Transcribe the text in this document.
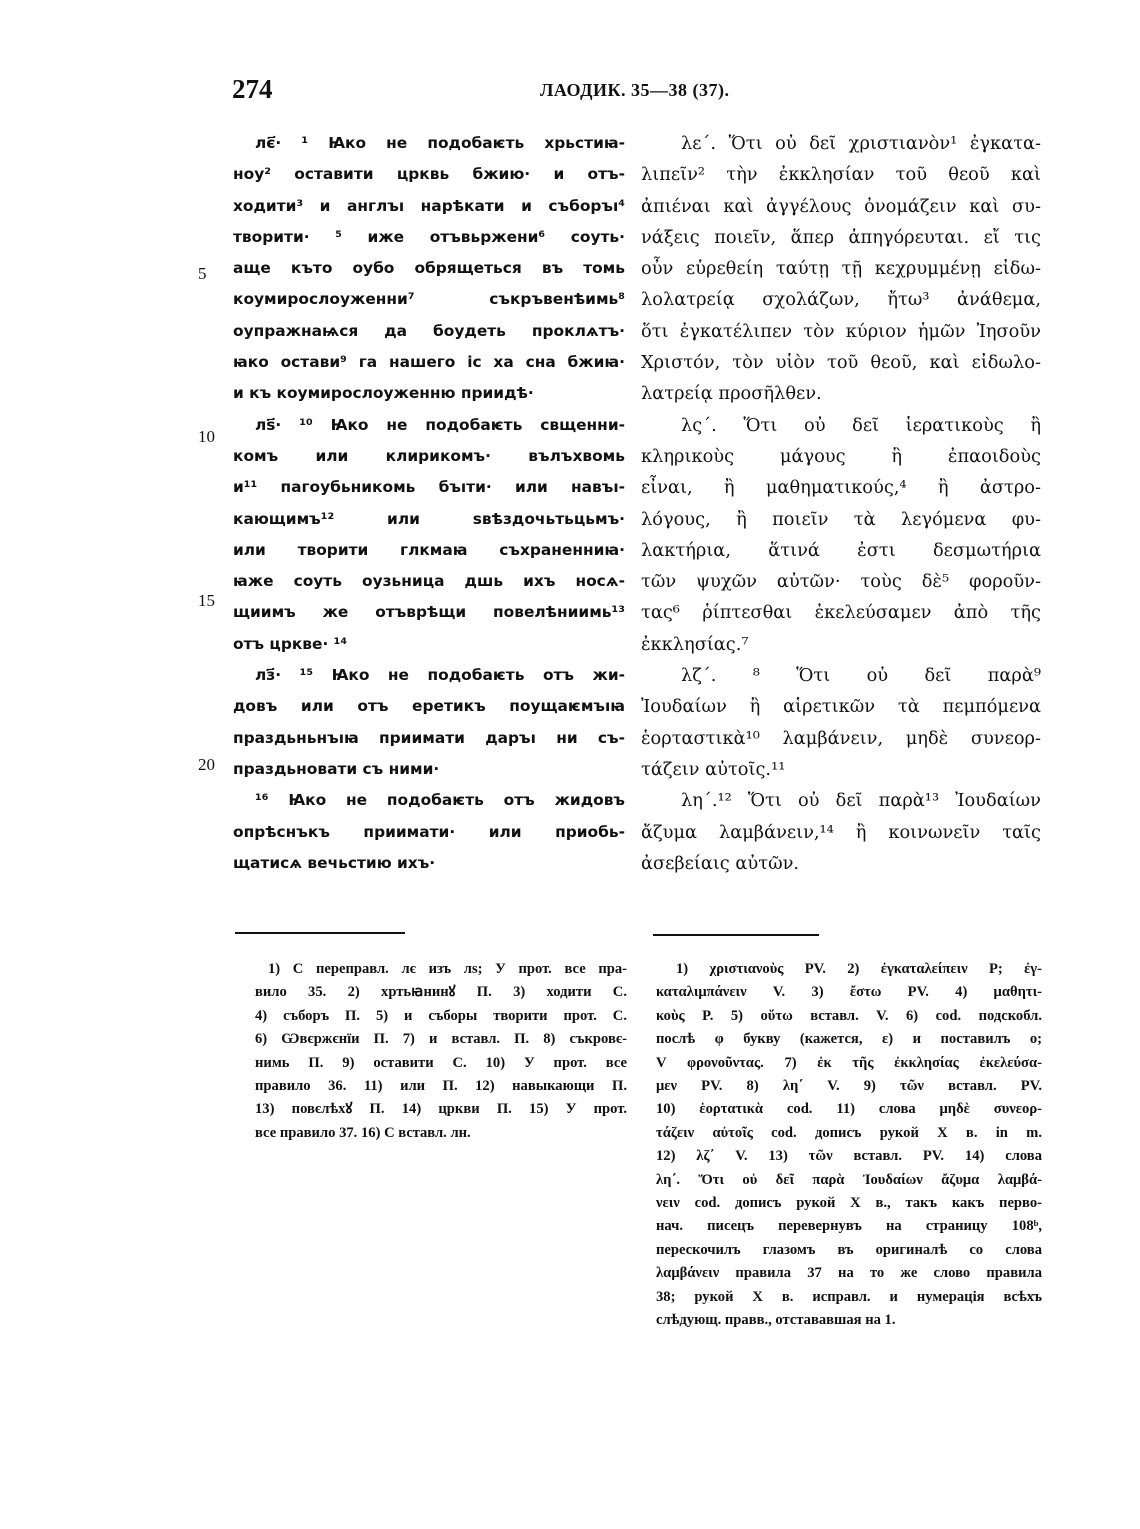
274	ЛАОДИК. 35—38 (37).
лє҃· ¹ Ꙗко не подобаѥть хрьстиꙗ-
ноу² оставити црквь бжию· и отъ-
ходити³ и англъı нарѣкати и съборъı⁴
творити· ⁵ иже отъвьржени⁶ соуть·
аще къто оубо обрящеться въ томь
коумирослоуженни⁷ съкръвенѣимь⁸
оупражнаѩся да боудеть проклѧтъ·
ꙗко остави⁹ га нашего іс ха сна бжиꙗ·
и къ коумирослоуженню приидѣ·
лѕ҃· ¹⁰ Ꙗко не подобаѥть свщенни-
комъ или клирикомъ· вълъхвомь
и¹¹ пагоубьникомь бъıти· или навъı-
кающимъ¹² или ѕвѣздочьтьцьмъ·
или творити глкмаꙗ съхраненниꙗ·
ꙗже соуть оузьница дшь ихъ носѧ-
щиимъ же отъврѣщи повелѣниимь¹³
отъ цркве· ¹⁴
лз҃· ¹⁵ Ꙗко не подобаѥть отъ жи-
довъ или отъ еретикъ поущаѥмъıꙗ
праздьньнъıꙗ приимати даръı ни съ-
праздьновати съ ними·
¹⁶ Ꙗко не подобаѥть отъ жидовъ
опрѣснъкъ приимати· или приобь-
щатисѧ вечьстию ихъ·
5
10
15
20
λε΄. Ὅτι οὐ δεῖ χριστιανὸν¹ ἐγκατα-
λιπεῖν² τὴν ἐκκλησίαν τοῦ θεοῦ καὶ
ἀπιέναι καὶ ἀγγέλους ὀνομάζειν καὶ συ-
νάξεις ποιεῖν, ἅπερ ἀπηγόρευται. εἴ τις
οὖν εὑρεθείη ταύτῃ τῇ κεχρυμμένῃ εἰδω-
λολατρείᾳ σχολάζων, ἤτω³ ἀνάθεμα,
ὅτι ἐγκατέλιπεν τὸν κύριον ἡμῶν Ἰησοῦν
Χριστόν, τὸν υἱὸν τοῦ θεοῦ, καὶ εἰδωλο-
λατρείᾳ προσῆλθεν.
λς΄. Ὅτι οὐ δεῖ ἱερατικοὺς ἢ
κληρικοὺς μάγους ἢ ἐπαοιδοὺς
εἶναι, ἢ μαθηματικούς,⁴ ἢ ἀστρο-
λόγους, ἢ ποιεῖν τὰ λεγόμενα φυ-
λακτήρια, ἅτινά ἐστι δεσμωτήρια
τῶν ψυχῶν αὐτῶν· τοὺς δὲ⁵ φοροῦν-
τας⁶ ῥίπτεσθαι ἐκελεύσαμεν ἀπὸ τῆς
ἐκκλησίας.⁷
λζ΄. ⁸ Ὅτι οὐ δεῖ παρὰ⁹
Ἰουδαίων ἢ αἱρετικῶν τὰ πεμπόμενα
ἑορταστικὰ¹⁰ λαμβάνειν, μηδὲ συνεορ-
τάζειν αὐτοῖς.¹¹
λη΄.¹² Ὅτι οὐ δεῖ παρὰ¹³ Ἰουδαίων
ἄζυμα λαμβάνειν,¹⁴ ἢ κοινωνεῖν ταῖς
ἀσεβείαις αὐτῶν.
1) С перепрaвл. лє изъ лѕ; У прот. все пра-
вило 35. 2) хртьꙗнинꙋ П. 3) ходити С.
4) съборъ П. 5) и съборы творити прот. С.
6) Ѡвєржєнїи П. 7) и встaвл. П. 8) съкровє-
нимь П. 9) оставити С. 10) У прот. все
правило 36. 11) или П. 12) навыкающи П.
13) повєлѣхꙋ П. 14) цркви П. 15) У прот.
все правило 37. 16) С встaвл. лн.
1) χριστιανοὺς PV. 2) ἐγκαταλείπειν P; ἐγ-
καταλιμπάνειν V. 3) ἔστω PV. 4) μαθητι-
κοὺς P. 5) οὕτω встaвл. V. 6) cod. подскобл.
послѣ φ букву (кажется, ε) и поставилъ ο;
V φρονοῦντας. 7) ἐκ τῆς ἐκκλησίας ἐκελεύσα-
μεν PV. 8) λη΄ V. 9) τῶν встaвл. PV.
10) ἑορτατικὰ cod. 11) слова μηδὲ συνεορ-
τάζειν αὐτοῖς cod. дописъ рукой X в. in m.
12) λζ΄ V. 13) τῶν встaвл. PV. 14) слова
λη΄. Ὅτι οὐ δεῖ παρὰ Ἰουδαίων ἄζυμα λαμβά-
νειν cod. дописъ рукой X в., такъ какъ перво-
нач. писецъ перевернувъ на страницу 108ᵇ,
перескочилъ глазомъ въ оригиналѣ со слова
λαμβάνειν правила 37 на то же слово правила
38; рукой X в. исправл. и нумерація всѣхъ
слѣдующ. правв., отстававшая на 1.
